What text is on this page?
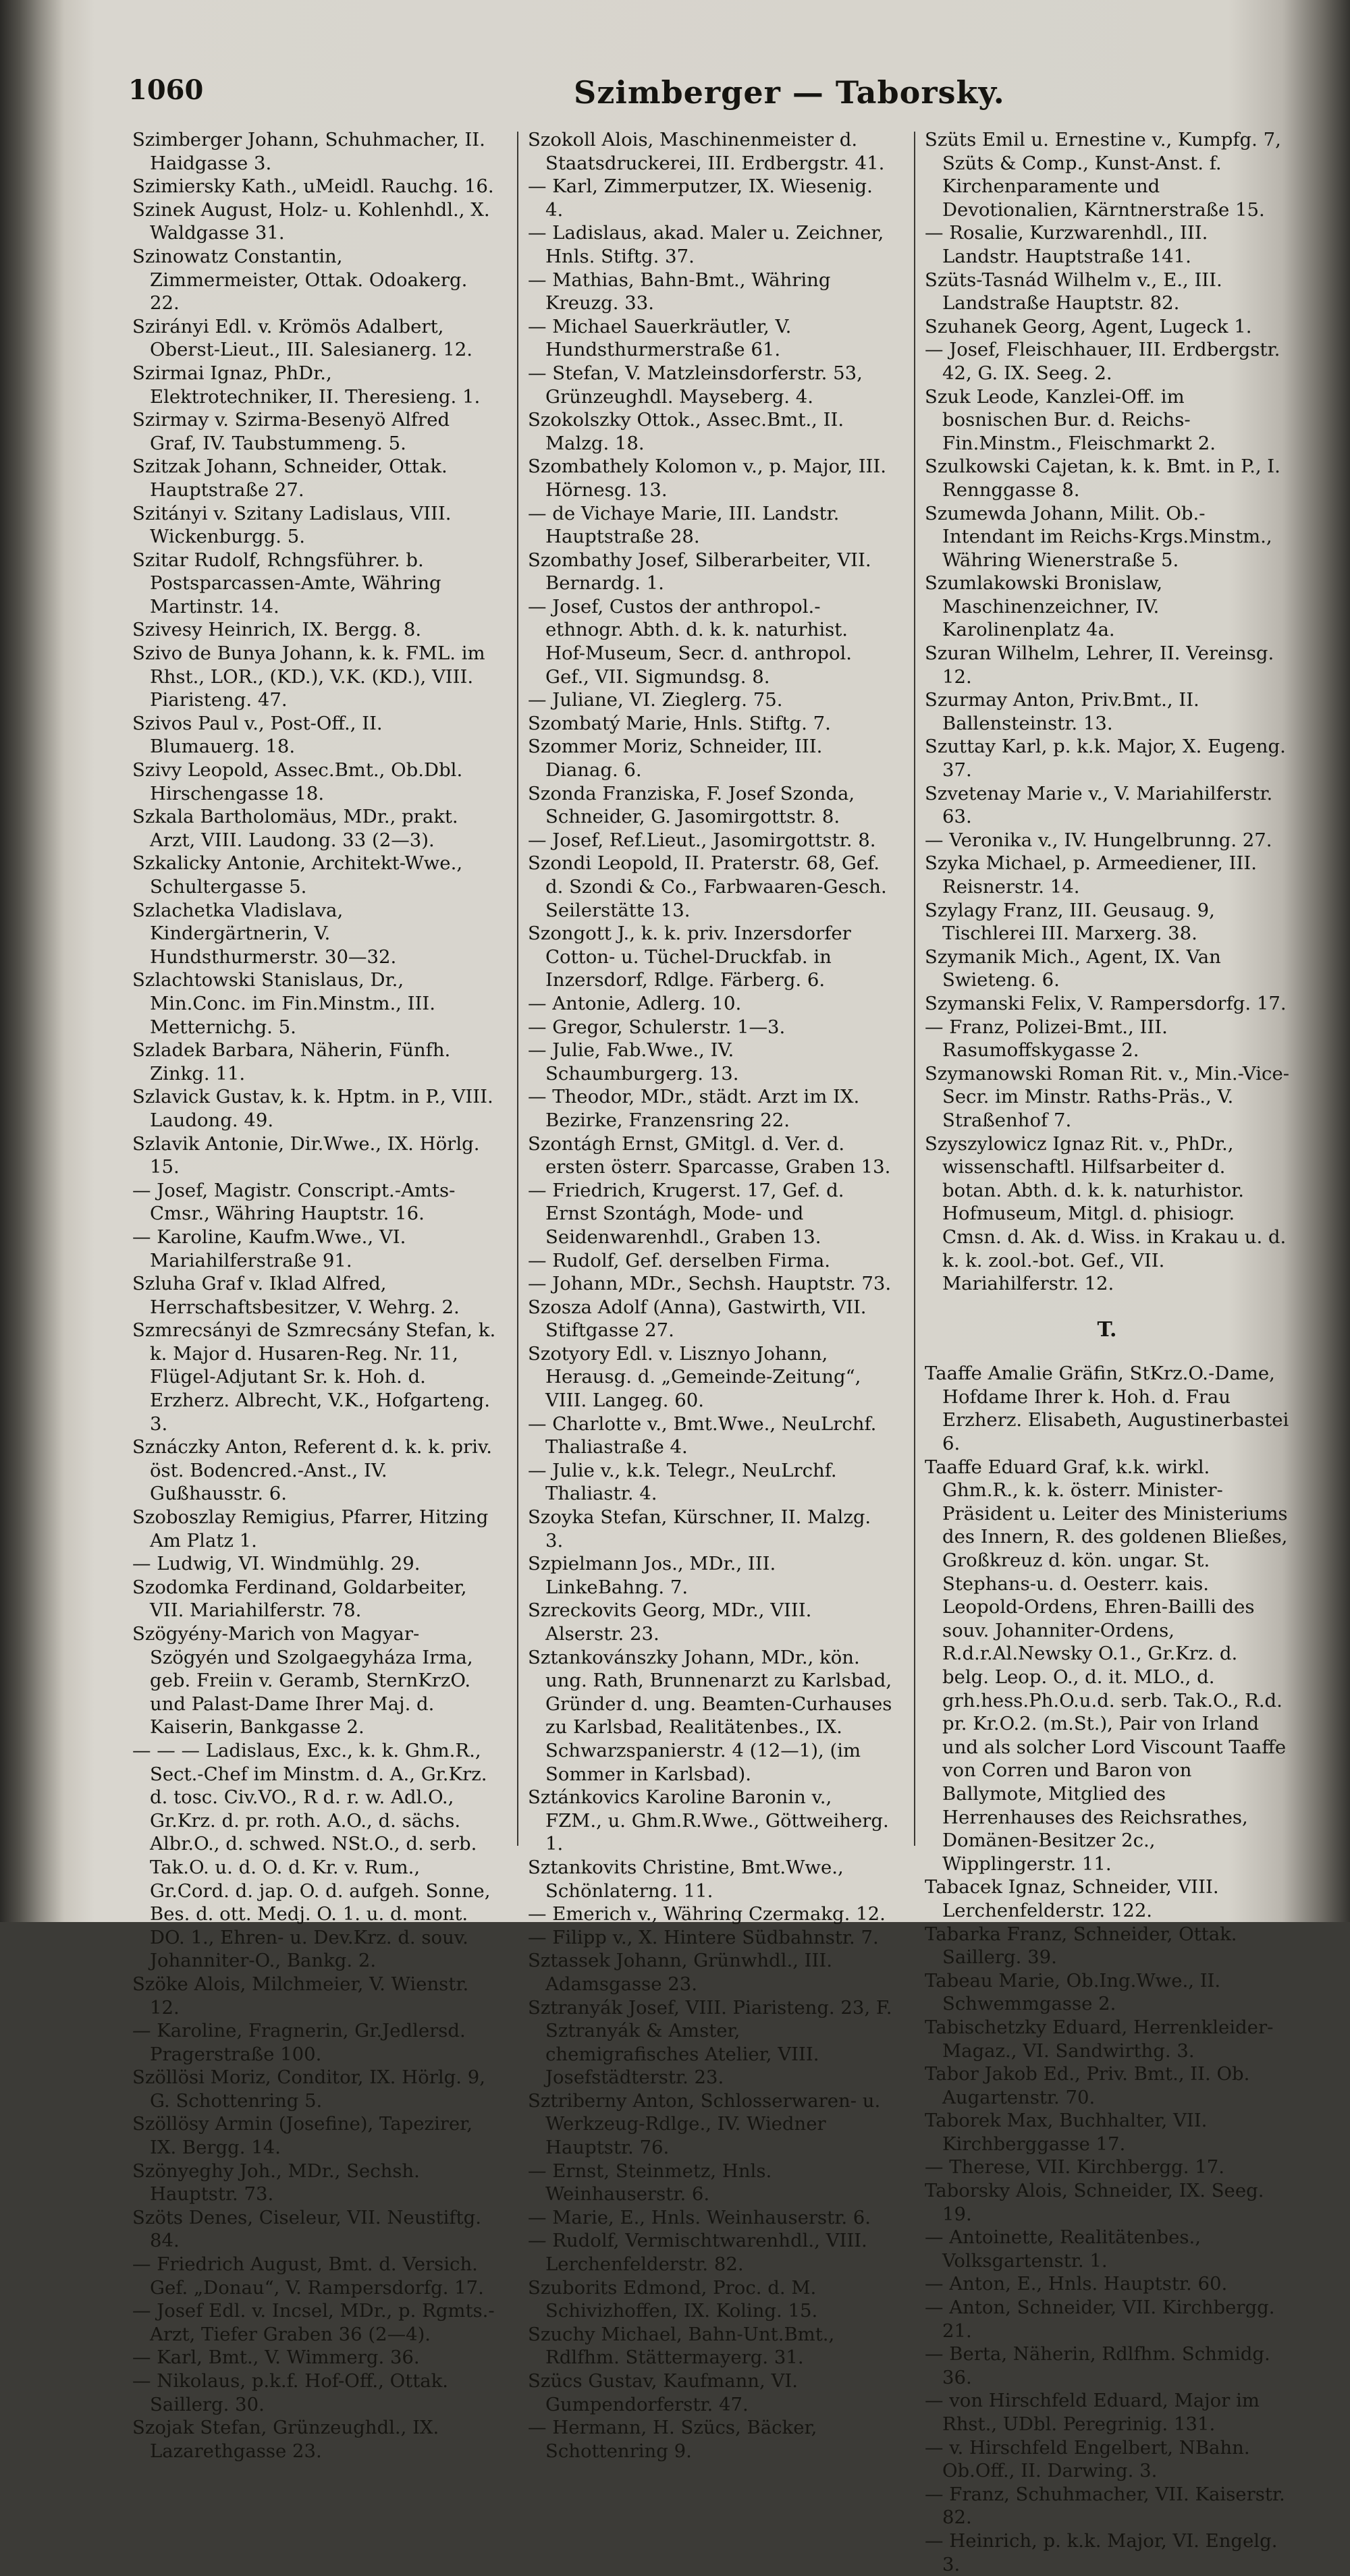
1060	Szimberger — Taborsky.

Szimberger Johann, Schuhmacher, II. Haidgasse 3.

Szimiersky Kath., uMeidl. Rauchg. 16.

Szinek August, Holz- u. Kohlenhdl., X. Waldgasse 31.

Szinowatz Constantin, Zimmermeister, Ottak. Odoakerg. 22.

Szirányi Edl. v. Krömös Adalbert, Oberst-Lieut., III. Salesianerg. 12.

Szirmai Ignaz, PhDr., Elektrotechniker, II. Theresieng. 1.

Szirmay v. Szirma-Besenyö Alfred Graf, IV. Taubstummeng. 5.

Szitzak Johann, Schneider, Ottak. Hauptstraße 27.

Szitányi v. Szitany Ladislaus, VIII. Wickenburgg. 5.

Szitar Rudolf, Rchngsführer. b. Postsparcassen-Amte, Währing Martinstr. 14.

Szivesy Heinrich, IX. Bergg. 8.

Szivo de Bunya Johann, k. k. FML. im Rhst., LOR., (KD.), V.K. (KD.), VIII. Piaristeng. 47.

Szivos Paul v., Post-Off., II. Blumauerg. 18.

Szivy Leopold, Assec.Bmt., Ob.Dbl. Hirschengasse 18.

Szkala Bartholomäus, MDr., prakt. Arzt, VIII. Laudong. 33 (2—3).

Szkalicky Antonie, Architekt-Wwe., Schultergasse 5.

Szlachetka Vladislava, Kindergärtnerin, V. Hundsthurmerstr. 30—32.

Szlachtowski Stanislaus, Dr., Min.Conc. im Fin.Minstm., III. Metternichg. 5.

Szladek Barbara, Näherin, Fünfh. Zinkg. 11.

Szlavick Gustav, k. k. Hptm. in P., VIII. Laudong. 49.

Szlavik Antonie, Dir.Wwe., IX. Hörlg. 15.

— Josef, Magistr. Conscript.-Amts-Cmsr., Währing Hauptstr. 16.

— Karoline, Kaufm.Wwe., VI. Mariahilferstraße 91.

Szluha Graf v. Iklad Alfred, Herrschaftsbesitzer, V. Wehrg. 2.

Szmrecsányi de Szmrecsány Stefan, k. k. Major d. Husaren-Reg. Nr. 11, Flügel-Adjutant Sr. k. Hoh. d. Erzherz. Albrecht, V.K., Hofgarteng. 3.

Sznáczky Anton, Referent d. k. k. priv. öst. Bodencred.-Anst., IV. Gußhausstr. 6.

Szoboszlay Remigius, Pfarrer, Hitzing Am Platz 1.

— Ludwig, VI. Windmühlg. 29.

Szodomka Ferdinand, Goldarbeiter, VII. Mariahilferstr. 78.

Szögyény-Marich von Magyar-Szögyén und Szolgaegyháza Irma, geb. Freiin v. Geramb, SternKrzO. und Palast-Dame Ihrer Maj. d. Kaiserin, Bankgasse 2.

— — — Ladislaus, Exc., k. k. Ghm.R., Sect.-Chef im Minstm. d. A., Gr.Krz. d. tosc. Civ.VO., R d. r. w. Adl.O., Gr.Krz. d. pr. roth. A.O., d. sächs. Albr.O., d. schwed. NSt.O., d. serb. Tak.O. u. d. O. d. Kr. v. Rum., Gr.Cord. d. jap. O. d. aufgeh. Sonne, Bes. d. ott. Medj. O. 1. u. d. mont. DO. 1., Ehren- u. Dev.Krz. d. souv. Johanniter-O., Bankg. 2.

Szöke Alois, Milchmeier, V. Wienstr. 12.

— Karoline, Fragnerin, Gr.Jedlersd. Pragerstraße 100.

Szöllösi Moriz, Conditor, IX. Hörlg. 9, G. Schottenring 5.

Szöllösy Armin (Josefine), Tapezirer, IX. Bergg. 14.

Szönyeghy Joh., MDr., Sechsh. Hauptstr. 73.

Szöts Denes, Ciseleur, VII. Neustiftg. 84.

— Friedrich August, Bmt. d. Versich. Gef. „Donau“, V. Rampersdorfg. 17.

— Josef Edl. v. Incsel, MDr., p. Rgmts.-Arzt, Tiefer Graben 36 (2—4).

— Karl, Bmt., V. Wimmerg. 36.

— Nikolaus, p.k.f. Hof-Off., Ottak. Saillerg. 30.

Szojak Stefan, Grünzeughdl., IX. Lazarethgasse 23.

Szokoll Alois, Maschinenmeister d. Staatsdruckerei, III. Erdbergstr. 41.

— Karl, Zimmerputzer, IX. Wiesenig. 4.

— Ladislaus, akad. Maler u. Zeichner, Hnls. Stiftg. 37.

— Mathias, Bahn-Bmt., Währing Kreuzg. 33.

— Michael Sauerkräutler, V. Hundsthurmerstraße 61.

— Stefan, V. Matzleinsdorferstr. 53, Grünzeughdl. Mayseberg. 4.

Szokolszky Ottok., Assec.Bmt., II. Malzg. 18.

Szombathely Kolomon v., p. Major, III. Hörnesg. 13.

— de Vichaye Marie, III. Landstr. Hauptstraße 28.

Szombathy Josef, Silberarbeiter, VII. Bernardg. 1.

— Josef, Custos der anthropol.-ethnogr. Abth. d. k. k. naturhist. Hof-Museum, Secr. d. anthropol. Gef., VII. Sigmundsg. 8.

— Juliane, VI. Zieglerg. 75.

Szombatý Marie, Hnls. Stiftg. 7.

Szommer Moriz, Schneider, III. Dianag. 6.

Szonda Franziska, F. Josef Szonda, Schneider, G. Jasomirgottstr. 8.

— Josef, Ref.Lieut., Jasomirgottstr. 8.

Szondi Leopold, II. Praterstr. 68, Gef. d. Szondi & Co., Farbwaaren-Gesch. Seilerstätte 13.

Szongott J., k. k. priv. Inzersdorfer Cotton- u. Tüchel-Druckfab. in Inzersdorf, Rdlge. Färberg. 6.

— Antonie, Adlerg. 10.

— Gregor, Schulerstr. 1—3.

— Julie, Fab.Wwe., IV. Schaumburgerg. 13.

— Theodor, MDr., städt. Arzt im IX. Bezirke, Franzensring 22.

Szontágh Ernst, GMitgl. d. Ver. d. ersten österr. Sparcasse, Graben 13.

— Friedrich, Krugerst. 17, Gef. d. Ernst Szontágh, Mode- und Seidenwarenhdl., Graben 13.

— Rudolf, Gef. derselben Firma.

— Johann, MDr., Sechsh. Hauptstr. 73.

Szosza Adolf (Anna), Gastwirth, VII. Stiftgasse 27.

Szotyory Edl. v. Lisznyo Johann, Herausg. d. „Gemeinde-Zeitung“, VIII. Langeg. 60.

— Charlotte v., Bmt.Wwe., NeuLrchf. Thaliastraße 4.

— Julie v., k.k. Telegr., NeuLrchf. Thaliastr. 4.

Szoyka Stefan, Kürschner, II. Malzg. 3.

Szpielmann Jos., MDr., III. LinkeBahng. 7.

Szreckovits Georg, MDr., VIII. Alserstr. 23.

Sztankovánszky Johann, MDr., kön. ung. Rath, Brunnenarzt zu Karlsbad, Gründer d. ung. Beamten-Curhauses zu Karlsbad, Realitätenbes., IX. Schwarzspanierstr. 4 (12—1), (im Sommer in Karlsbad).

Sztánkovics Karoline Baronin v., FZM., u. Ghm.R.Wwe., Göttweiherg. 1.

Sztankovits Christine, Bmt.Wwe., Schönlaterng. 11.

— Emerich v., Währing Czermakg. 12.

— Filipp v., X. Hintere Südbahnstr. 7.

Sztassek Johann, Grünwhdl., III. Adamsgasse 23.

Sztranyák Josef, VIII. Piaristeng. 23, F. Sztranyák & Amster, chemigrafisches Atelier, VIII. Josefstädterstr. 23.

Sztriberny Anton, Schlosserwaren- u. Werkzeug-Rdlge., IV. Wiedner Hauptstr. 76.

— Ernst, Steinmetz, Hnls. Weinhauserstr. 6.

— Marie, E., Hnls. Weinhauserstr. 6.

— Rudolf, Vermischtwarenhdl., VIII. Lerchenfelderstr. 82.

Szuborits Edmond, Proc. d. M. Schivizhoffen, IX. Koling. 15.

Szuchy Michael, Bahn-Unt.Bmt., Rdlfhm. Stättermayerg. 31.

Szücs Gustav, Kaufmann, VI. Gumpendorferstr. 47.

— Hermann, H. Szücs, Bäcker, Schottenring 9.

Szüts Emil u. Ernestine v., Kumpfg. 7, Szüts & Comp., Kunst-Anst. f. Kirchenparamente und Devotionalien, Kärntnerstraße 15.

— Rosalie, Kurzwarenhdl., III. Landstr. Hauptstraße 141.

Szüts-Tasnád Wilhelm v., E., III. Landstraße Hauptstr. 82.

Szuhanek Georg, Agent, Lugeck 1.

— Josef, Fleischhauer, III. Erdbergstr. 42, G. IX. Seeg. 2.

Szuk Leode, Kanzlei-Off. im bosnischen Bur. d. Reichs-Fin.Minstm., Fleischmarkt 2.

Szulkowski Cajetan, k. k. Bmt. in P., I. Rennggasse 8.

Szumewda Johann, Milit. Ob.-Intendant im Reichs-Krgs.Minstm., Währing Wienerstraße 5.

Szumlakowski Bronislaw, Maschinenzeichner, IV. Karolinenplatz 4a.

Szuran Wilhelm, Lehrer, II. Vereinsg. 12.

Szurmay Anton, Priv.Bmt., II. Ballensteinstr. 13.

Szuttay Karl, p. k.k. Major, X. Eugeng. 37.

Szvetenay Marie v., V. Mariahilferstr. 63.

— Veronika v., IV. Hungelbrunng. 27.

Szyka Michael, p. Armeediener, III. Reisnerstr. 14.

Szylagy Franz, III. Geusaug. 9, Tischlerei III. Marxerg. 38.

Szymanik Mich., Agent, IX. Van Swieteng. 6.

Szymanski Felix, V. Rampersdorfg. 17.

— Franz, Polizei-Bmt., III. Rasumoffskygasse 2.

Szymanowski Roman Rit. v., Min.-Vice-Secr. im Minstr. Raths-Präs., V. Straßenhof 7.

Szyszylowicz Ignaz Rit. v., PhDr., wissenschaftl. Hilfsarbeiter d. botan. Abth. d. k. k. naturhistor. Hofmuseum, Mitgl. d. phisiogr. Cmsn. d. Ak. d. Wiss. in Krakau u. d. k. k. zool.-bot. Gef., VII. Mariahilferstr. 12.

T.

Taaffe Amalie Gräfin, StKrz.O.-Dame, Hofdame Ihrer k. Hoh. d. Frau Erzherz. Elisabeth, Augustinerbastei 6.

Taaffe Eduard Graf, k.k. wirkl. Ghm.R., k. k. österr. Minister-Präsident u. Leiter des Ministeriums des Innern, R. des goldenen Bließes, Großkreuz d. kön. ungar. St. Stephans-u. d. Oesterr. kais. Leopold-Ordens, Ehren-Bailli des souv. Johanniter-Ordens, R.d.r.Al.Newsky O.1., Gr.Krz. d. belg. Leop. O., d. it. MLO., d. grh.hess.Ph.O.u.d. serb. Tak.O., R.d. pr. Kr.O.2. (m.St.), Pair von Irland und als solcher Lord Viscount Taaffe von Corren und Baron von Ballymote, Mitglied des Herrenhauses des Reichsrathes, Domänen-Besitzer 2c., Wipplingerstr. 11.

Tabacek Ignaz, Schneider, VIII. Lerchenfelderstr. 122.

Tabarka Franz, Schneider, Ottak. Saillerg. 39.

Tabeau Marie, Ob.Ing.Wwe., II. Schwemmgasse 2.

Tabischetzky Eduard, Herrenkleider-Magaz., VI. Sandwirthg. 3.

Tabor Jakob Ed., Priv. Bmt., II. Ob. Augartenstr. 70.

Taborek Max, Buchhalter, VII. Kirchberggasse 17.

— Therese, VII. Kirchbergg. 17.

Taborsky Alois, Schneider, IX. Seeg. 19.

— Antoinette, Realitätenbes., Volksgartenstr. 1.

— Anton, E., Hnls. Hauptstr. 60.

— Anton, Schneider, VII. Kirchbergg. 21.

— Berta, Näherin, Rdlfhm. Schmidg. 36.

— von Hirschfeld Eduard, Major im Rhst., UDbl. Peregrinig. 131.

— v. Hirschfeld Engelbert, NBahn. Ob.Off., II. Darwing. 3.

— Franz, Schuhmacher, VII. Kaiserstr. 82.

— Heinrich, p. k.k. Major, VI. Engelg. 3.
